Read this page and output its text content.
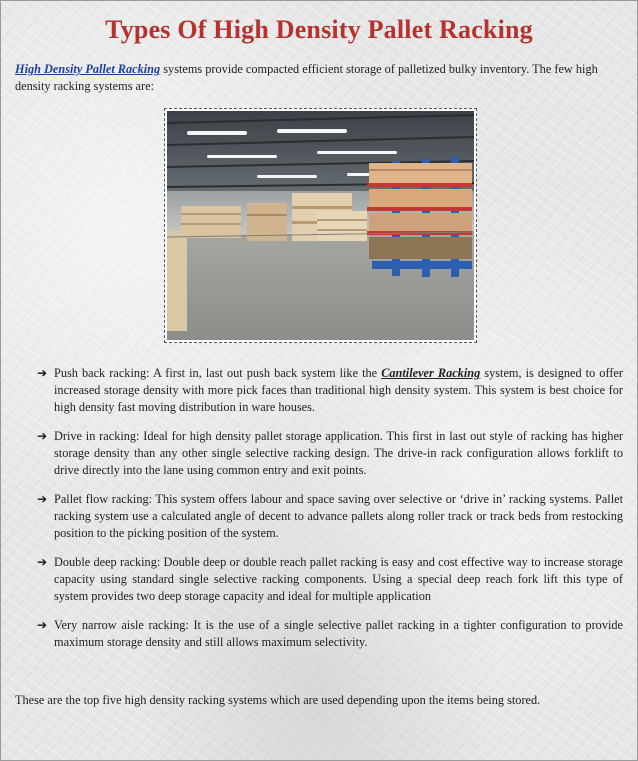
Types Of High Density Pallet Racking
High Density Pallet Racking systems provide compacted efficient storage of palletized bulky inventory. The few high density racking systems are:
➔ Push back racking: A first in, last out push back system like the Cantilever Racking system, is designed to offer increased storage density with more pick faces than traditional high density system. This system is best choice for high density fast moving distribution in ware houses.
➔ Drive in racking: Ideal for high density pallet storage application. This first in last out style of racking has higher storage density than any other single selective racking design. The drive-in rack configuration allows forklift to drive directly into the lane using common entry and exit points.
➔ Pallet flow racking: This system offers labour and space saving over selective or ‘drive in’ racking systems. Pallet racking system use a calculated angle of decent to advance pallets along roller track or track beds from restocking position to the picking position of the system.
➔ Double deep racking: Double deep or double reach pallet racking is easy and cost effective way to increase storage capacity using standard single selective racking components. Using a special deep reach fork lift this type of system provides two deep storage capacity and ideal for multiple application
➔ Very narrow aisle racking: It is the use of a single selective pallet racking in a tighter configuration to provide maximum storage density and still allows maximum selectivity.
These are the top five high density racking systems which are used depending upon the items being stored.
